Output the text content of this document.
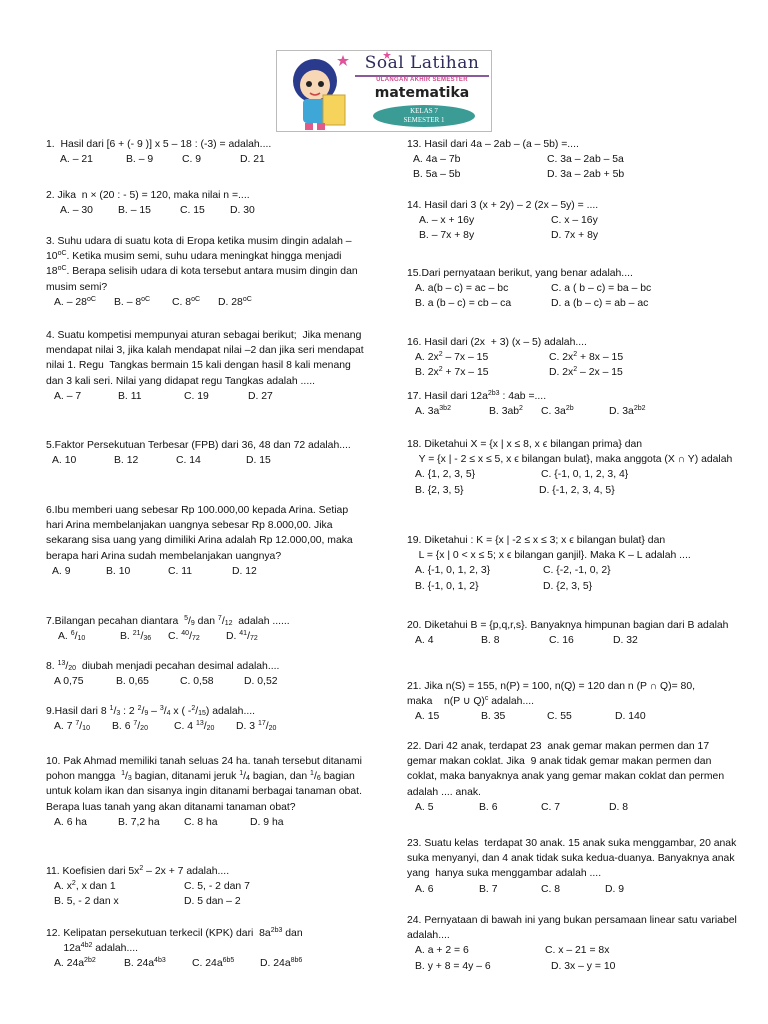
Soal Latihan
ULANGAN AKHIR SEMESTER
matematika
KELAS 7
SEMESTER 1
1.  Hasil dari [6 + (- 9 )] x 5 – 18 : (-3) = adalah....
A. – 21	B. – 9	C. 9	D. 21
2. Jika  n × (20 : - 5) = 120, maka nilai n =....
A. – 30 B. – 15	C. 15 D. 30
3. Suhu udara di suatu kota di Eropa ketika musim dingin adalah – $10^{oC}$. Ketika musim semi, suhu udara meningkat hingga menjadi $18^{oC}$. Berapa selisih udara di kota tersebut antara musim dingin dan musim semi?
A. – $28^{oC}$ B. – $8^{oC}$ C. $8^{oC}$ D. $28^{oC}$
4. Suatu kompetisi mempunyai aturan sebagai berikut;  Jika menang mendapat nilai 3, jika kalah mendapat nilai –2 dan jika seri mendapat nilai 1. Regu  Tangkas bermain 15 kali dengan hasil 8 kali menang dan 3 kali seri. Nilai yang didapat regu Tangkas adalah .....
A. – 7	B. 11	C. 19	D. 27
5.Faktor Persekutuan Terbesar (FPB) dari 36, 48 dan 72 adalah....
A. 10	B. 12	C. 14	D. 15
6.Ibu memberi uang sebesar Rp 100.000,00 kepada Arina. Setiap hari Arina membelanjakan uangnya sebesar Rp 8.000,00. Jika sekarang sisa uang yang dimiliki Arina adalah Rp 12.000,00, maka berapa hari Arina sudah membelanjakan uangnya?
A. 9	B. 10	C. 11	D. 12
7.Bilangan pecahan diantara  $^5/_9$ dan $^7/_{12}$  adalah ......
A. $^6/_{10}$	B. $^{21}/_{36}$ C. $^{40}/_{72}$	D. $^{41}/_{72}$
8. $^{13}/_{20}$  diubah menjadi pecahan desimal adalah....
A 0,75	B. 0,65	C. 0,58	D. 0,52
9.Hasil dari 8 $^1/_3$ : 2 $^2/_9 - ^3/_4$ x ( $-^2/_{15}$) adalah....
A. 7 $^7/_{10}$ B. 6 $^7/_{20}$	C. 4 $^{13}/_{20}$ D. 3 $^{17}/_{20}$
10. Pak Ahmad memiliki tanah seluas 24 ha. tanah tersebut ditanami pohon mangga  $^1/_3$ bagian, ditanami jeruk $^1/_4$ bagian, dan $^1/_6$ bagian untuk kolam ikan dan sisanya ingin ditanami berbagai tanaman obat. Berapa luas tanah yang akan ditanami tanaman obat?
A. 6 ha	B. 7,2 ha C. 8 ha	D. 9 ha
11. Koefisien dari $5x^2 - 2x + 7$ adalah....
A. $x^2$, x dan 1	C. 5, - 2 dan 7
B. 5, - 2 dan x	D. 5 dan – 2
12. Kelipatan persekutuan terkecil (KPK) dari  $8a^{2b3}$ dan
$12a^{4b2}$ adalah....
A. $24a^{2b2}$	B. $24a^{4b3}$	C. $24a^{6b5}$ D. $24a^{8b6}$
13. Hasil dari 4a – 2ab – (a – 5b) =....
A. 4a – 7b	C. 3a – 2ab – 5a
B. 5a – 5b	D. 3a – 2ab + 5b
14. Hasil dari 3 (x + 2y) – 2 (2x – 5y) = ....
A. – x + 16y	C. x – 16y
B. – 7x + 8y	D. 7x + 8y
15.Dari pernyataan berikut, yang benar adalah....
A. a(b – c) = ac – bc	C. a ( b – c) = ba – bc
B. a (b – c) = cb – ca	D. a (b – c) = ab – ac
16. Hasil dari (2x  + 3) (x – 5) adalah....
A. $2x^2 - 7x - 15$	C. $2x^2 + 8x - 15$
B. $2x^2 + 7x - 15$	D. $2x^2 - 2x - 15$
17. Hasil dari $12a^{2b3}$ : 4ab =....
A. $3a^{3b2}$	B. $3ab^2$ C. $3a^{2b}$	D. $3a^{2b2}$
18. Diketahui X = {x | x ≤ 8, x ϵ bilangan prima} dan
Y = {x | - 2 ≤ x ≤ 5, x ϵ bilangan bulat}, maka anggota (X ∩ Y) adalah
A. {1, 2, 3, 5}	C. {-1, 0, 1, 2, 3, 4}
B. {2, 3, 5}	D. {-1, 2, 3, 4, 5}
19. Diketahui : K = {x | -2 ≤ x ≤ 3; x ϵ bilangan bulat} dan
L = {x | 0 < x ≤ 5; x ϵ bilangan ganjil}. Maka K – L adalah ....
A. {-1, 0, 1, 2, 3}	C. {-2, -1, 0, 2}
B. {-1, 0, 1, 2}	D. {2, 3, 5}
20. Diketahui B = {p,q,r,s}. Banyaknya himpunan bagian dari B adalah
A. 4	B. 8	C. 16	D. 32
21. Jika n(S) = 155, n(P) = 100, n(Q) = 120 dan n (P ∩ Q)= 80,
maka    n(P ∪ Q)$^c$ adalah....
A. 15	B. 35	C. 55	D. 140
22. Dari 42 anak, terdapat 23  anak gemar makan permen dan 17 gemar makan coklat. Jika  9 anak tidak gemar makan permen dan coklat, maka banyaknya anak yang gemar makan coklat dan permen adalah .... anak.
A. 5	B. 6	C. 7	D. 8
23. Suatu kelas  terdapat 30 anak. 15 anak suka menggambar, 20 anak suka menyanyi, dan 4 anak tidak suka kedua-duanya. Banyaknya anak yang  hanya suka menggambar adalah ....
A. 6	B. 7	C. 8	D. 9
24. Pernyataan di bawah ini yang bukan persamaan linear satu variabel adalah....
A. a + 2 = 6	C. x – 21 = 8x
B. y + 8 = 4y – 6	D. 3x – y = 10
